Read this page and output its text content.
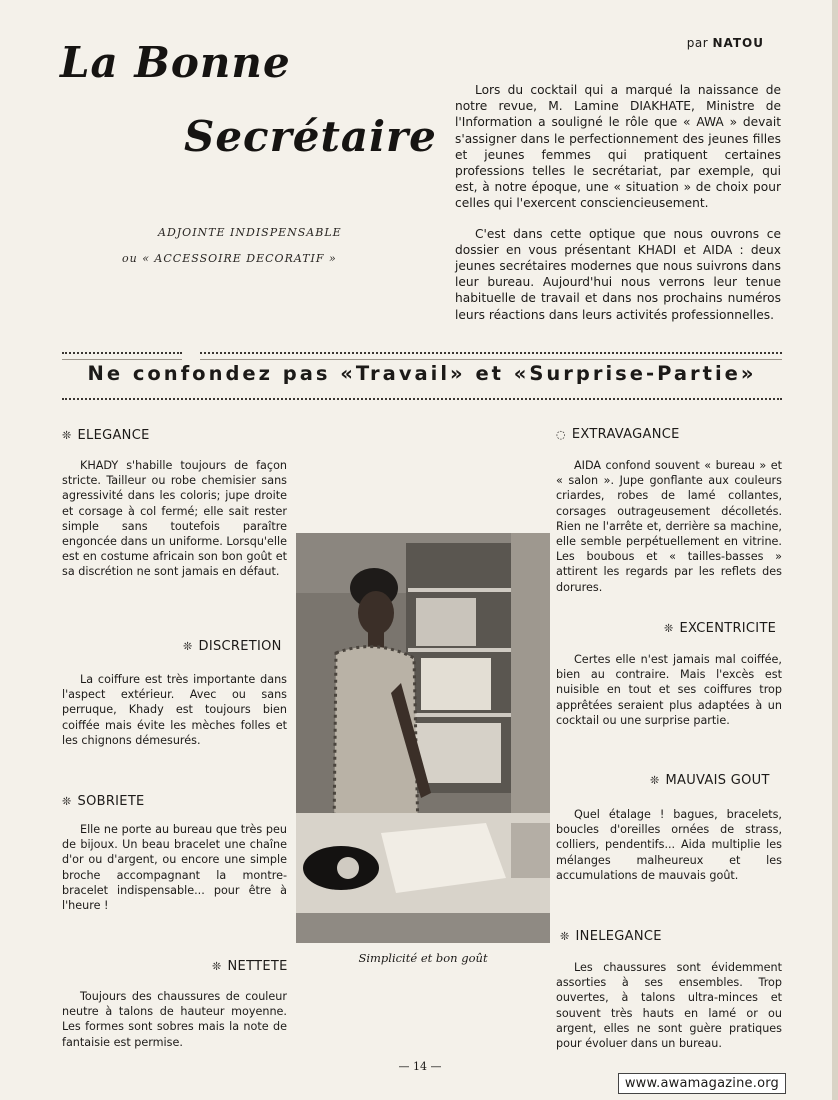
par NATOU
La Bonne
Secrétaire
ADJOINTE INDISPENSABLE
ou « ACCESSOIRE DECORATIF »

Lors du cocktail qui a marqué la naissance de notre revue, M. Lamine DIAKHATE, Ministre de l'Information a souligné le rôle que « AWA » devait s'assigner dans le perfectionnement des jeunes filles et jeunes femmes qui pratiquent certaines professions telles le secrétariat, par exemple, qui est, à notre époque, une « situation » de choix pour celles qui l'exercent consciencieusement.

C'est dans cette optique que nous ouvrons ce dossier en vous présentant KHADI et AIDA : deux jeunes secrétaires modernes que nous suivrons dans leur bureau. Aujourd'hui nous verrons leur tenue habituelle de travail et dans nos prochains numéros leurs réactions dans leurs activités professionnelles.

Ne confondez pas «Travail» et «Surprise-Partie»
❊ ELEGANCE

KHADY s'habille toujours de façon stricte. Tailleur ou robe chemisier sans agressivité dans les coloris; jupe droite et corsage à col fermé; elle sait rester simple sans toutefois paraître engoncée dans un uniforme. Lorsqu'elle est en costume africain son bon goût et sa discrétion ne sont jamais en défaut.

❊ DISCRETION

La coiffure est très importante dans l'aspect extérieur. Avec ou sans perruque, Khady est toujours bien coiffée mais évite les mèches folles et les chignons démesurés.

❊ SOBRIETE

Elle ne porte au bureau que très peu de bijoux. Un beau bracelet une chaîne d'or ou d'argent, ou encore une simple broche accompagnant la montre-bracelet indispensable... pour être à l'heure !

❊ NETTETE

Toujours des chaussures de couleur neutre à talons de hauteur moyenne. Les formes sont sobres mais la note de fantaisie est permise.

Simplicité et bon goût
◌ EXTRAVAGANCE

AIDA confond souvent « bureau » et « salon ». Jupe gonflante aux couleurs criardes, robes de lamé collantes, corsages outrageusement décolletés. Rien ne l'arrête et, derrière sa machine, elle semble perpétuellement en vitrine. Les boubous et « tailles-basses » attirent les regards par les reflets des dorures.

❊ EXCENTRICITE

Certes elle n'est jamais mal coiffée, bien au contraire. Mais l'excès est nuisible en tout et ses coiffures trop apprêtées seraient plus adaptées à un cocktail ou une surprise partie.

❊ MAUVAIS GOUT

Quel étalage ! bagues, bracelets, boucles d'oreilles ornées de strass, colliers, pendentifs... Aida multiplie les mélanges malheureux et les accumulations de mauvais goût.

❊ INELEGANCE

Les chaussures sont évidemment assorties à ses ensembles. Trop ouvertes, à talons ultra-minces et souvent très hauts en lamé or ou argent, elles ne sont guère pratiques pour évoluer dans un bureau.

— 14 —
www.awamagazine.org
